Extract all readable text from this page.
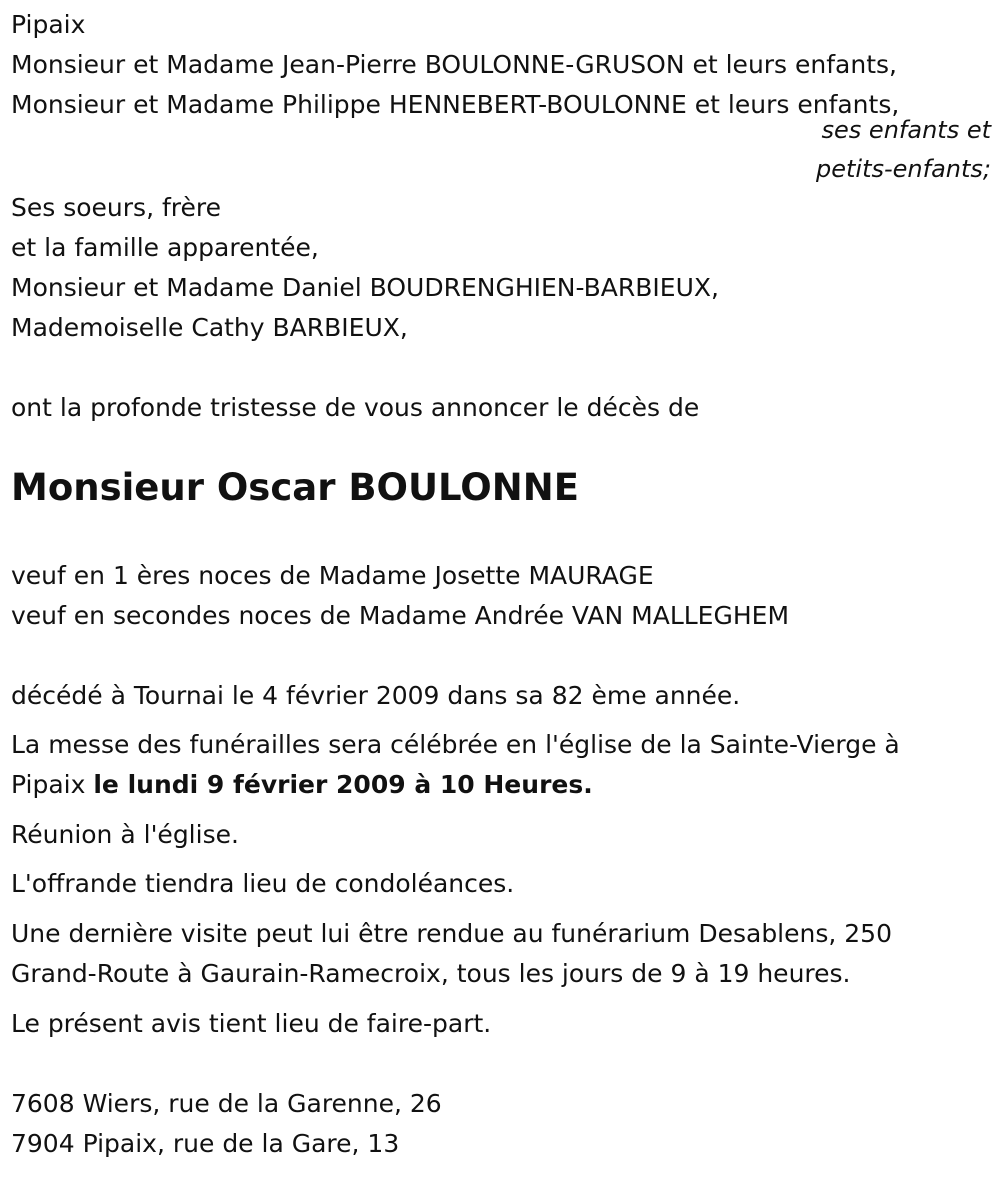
Pipaix
Monsieur et Madame Jean-Pierre BOULONNE-GRUSON et leurs enfants,
Monsieur et Madame Philippe HENNEBERT-BOULONNE et leurs enfants,
ses enfants et
petits-enfants;
Ses soeurs, frère
et la famille apparentée,
Monsieur et Madame Daniel BOUDRENGHIEN-BARBIEUX,
Mademoiselle Cathy BARBIEUX,
ont la profonde tristesse de vous annoncer le décès de
Monsieur Oscar BOULONNE
veuf en 1 ères noces de Madame Josette MAURAGE
veuf en secondes noces de Madame Andrée VAN MALLEGHEM
décédé à Tournai le 4 février 2009 dans sa 82 ème année.
La messe des funérailles sera célébrée en l'église de la Sainte-Vierge à
Pipaix le lundi 9 février 2009 à 10 Heures.
Réunion à l'église.
L'offrande tiendra lieu de condoléances.
Une dernière visite peut lui être rendue au funérarium Desablens, 250
Grand-Route à Gaurain-Ramecroix, tous les jours de 9 à 19 heures.
Le présent avis tient lieu de faire-part.
7608 Wiers, rue de la Garenne, 26
7904 Pipaix, rue de la Gare, 13
